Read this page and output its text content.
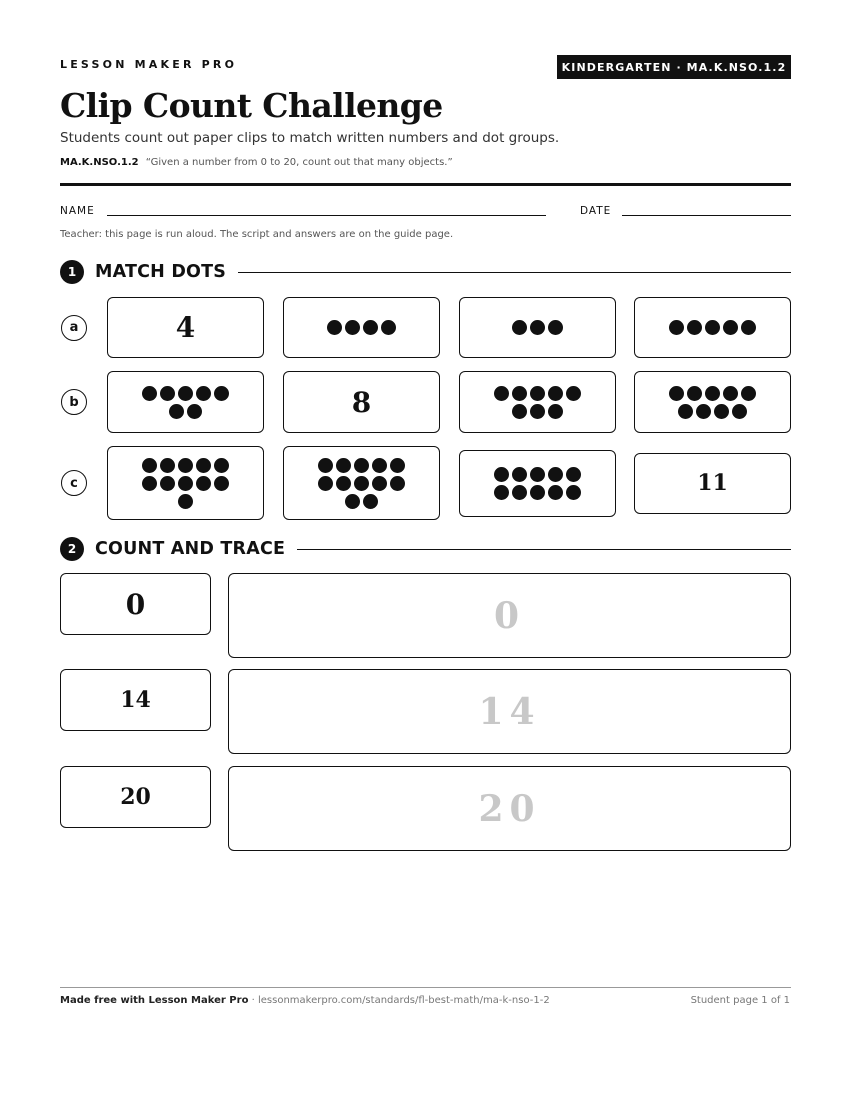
LESSON MAKER PRO	KINDERGARTEN · MA.K.NSO.1.2
Clip Count Challenge
Students count out paper clips to match written numbers and dot groups.
MA.K.NSO.1.2 “Given a number from 0 to 20, count out that many objects.”
NAME	DATE
Teacher: this page is run aloud. The script and answers are on the guide page.
1	MATCH DOTS
a	4
b	8
c	11
2	COUNT AND TRACE
0	0
14	14
20	20
Made free with Lesson Maker Pro · lessonmakerpro.com/standards/fl-best-math/ma-k-nso-1-2	Student page 1 of 1
